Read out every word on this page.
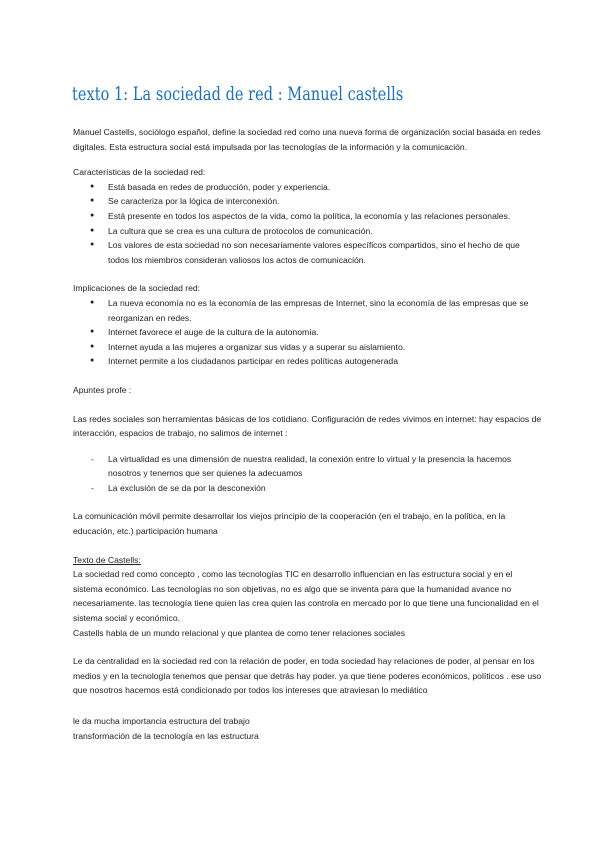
texto 1: La sociedad de red : Manuel castells

Manuel Castells, sociólogo español, define la sociedad red como una nueva forma de organización social basada en redes digitales. Esta estructura social está impulsada por las tecnologías de la información y la comunicación.

Características de la sociedad red:

● Está basada en redes de producción, poder y experiencia.
● Se caracteriza por la lógica de interconexión.
● Está presente en todos los aspectos de la vida, como la política, la economía y las relaciones personales.
● La cultura que se crea es una cultura de protocolos de comunicación.
● Los valores de esta sociedad no son necesariamente valores específicos compartidos, sino el hecho de que todos los miembros consideran valiosos los actos de comunicación.

Implicaciones de la sociedad red:

● La nueva economía no es la economía de las empresas de Internet, sino la economía de las empresas que se reorganizan en redes.
● Internet favorece el auge de la cultura de la autonomía.
● Internet ayuda a las mujeres a organizar sus vidas y a superar su aislamiento.
● Internet permite a los ciudadanos participar en redes políticas autogenerada

Apuntes profe :

Las redes sociales son herramientas básicas de los cotidiano. Configuración de redes vivimos en internet: hay espacios de interacción, espacios de trabajo, no salimos de internet :

- La virtualidad es una dimensión de nuestra realidad, la conexión entre lo virtual y la presencia la hacemos nosotros y tenemos que ser quienes la adecuamos
- La exclusión de se da por la desconexión

La comunicación móvil permite desarrollar los viejos principio de la cooperación (en el trabajo, en la política, en la educación, etc.) participación humana

Texto de Castells:

La sociedad red como concepto , como las tecnologías TIC en desarrollo influencian en las estructura social y en el sistema económico. Las tecnologías no son objetivas, no es algo que se inventa para que la humanidad avance no necesariamente. las tecnología tiene quien las crea quien las controla en mercado por lo que tiene una funcionalidad en el sistema social y económico.

Castells habla de un mundo relacional y que plantea de como tener relaciones sociales

Le da centralidad en la sociedad red con la relación de poder, en toda sociedad hay relaciones de poder, al pensar en los medios y en la tecnología tenemos que pensar que detrás hay poder. ya que tiene poderes económicos, políticos . ese uso que nosotros hacemos está condicionado por todos los intereses que atraviesan lo mediático

le da mucha importancia estructura del trabajo

transformación de la tecnología en las estructura
